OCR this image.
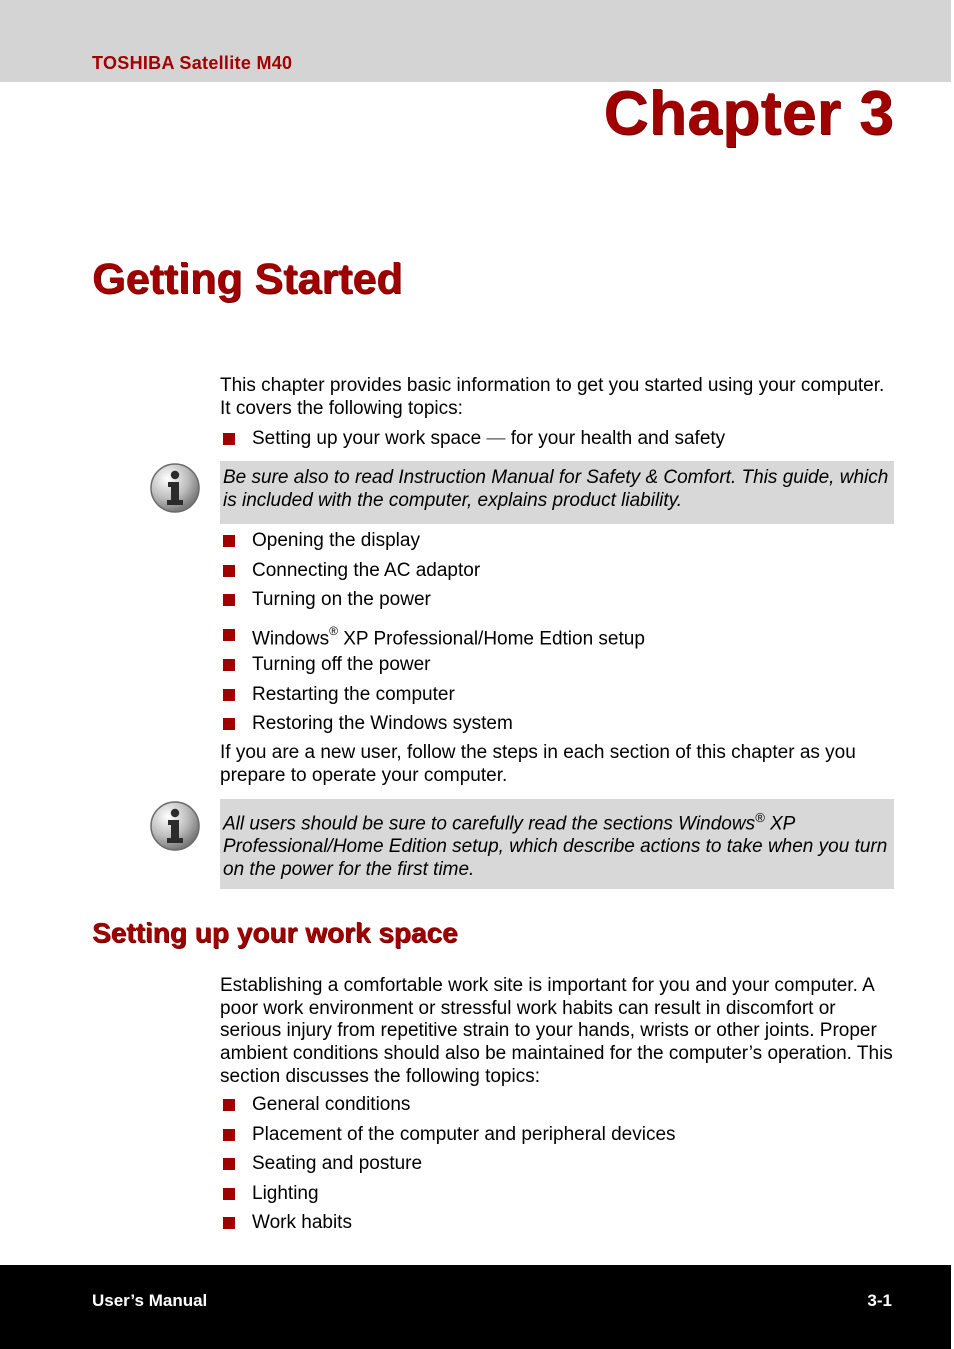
TOSHIBA Satellite M40
Chapter 3
Getting Started

This chapter provides basic information to get you started using your computer. It covers the following topics:

Setting up your work space — for your health and safety

Be sure also to read Instruction Manual for Safety & Comfort. This guide, which is included with the computer, explains product liability.

Opening the display
Connecting the AC adaptor
Turning on the power
Windows® XP Professional/Home Edtion setup
Turning off the power
Restarting the computer
Restoring the Windows system

If you are a new user, follow the steps in each section of this chapter as you prepare to operate your computer.

All users should be sure to carefully read the sections Windows® XP Professional/Home Edition setup, which describe actions to take when you turn on the power for the first time.

Setting up your work space

Establishing a comfortable work site is important for you and your computer. A poor work environment or stressful work habits can result in discomfort or serious injury from repetitive strain to your hands, wrists or other joints. Proper ambient conditions should also be maintained for the computer’s operation. This section discusses the following topics:

General conditions
Placement of the computer and peripheral devices
Seating and posture
Lighting
Work habits
User’s Manual	3-1
